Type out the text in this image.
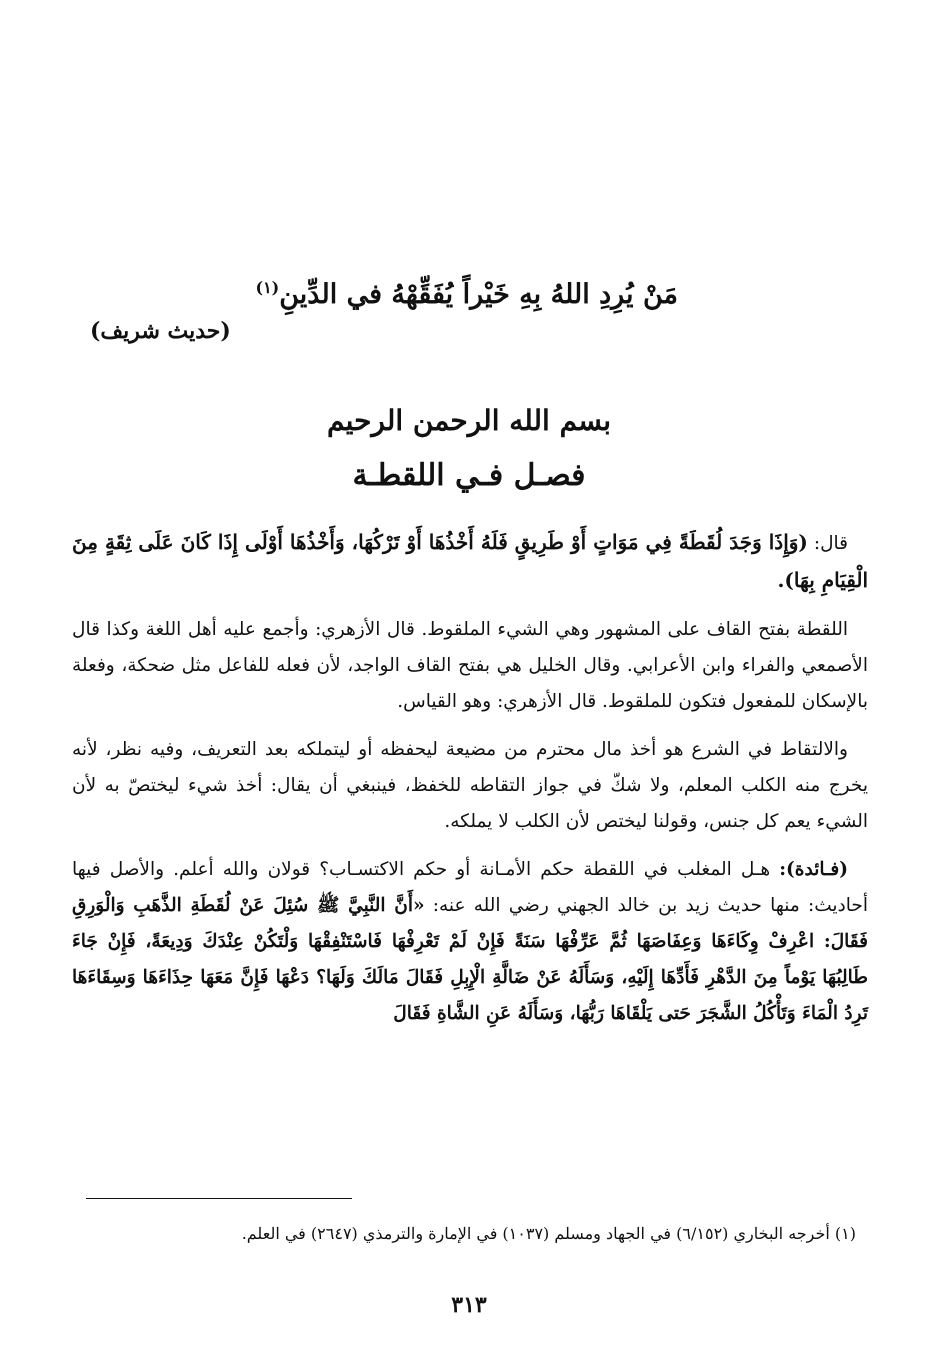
مَنْ يُرِدِ اللهُ بِهِ خَيْراً يُفَقِّهْهُ في الدِّينِ$^{(١)}$
(حديث شريف)
بسم الله الرحمن الرحيم
فصـل فـي اللقطـة

قال: (وَإِذَا وَجَدَ لُقَطَةً فِي مَوَاتٍ أَوْ طَرِيقٍ فَلَهُ أَخْذُهَا أَوْ تَرْكُهَا، وَأَخْذُهَا أَوْلَى إِذَا كَانَ عَلَى ثِقَةٍ مِنَ الْقِيَامِ بِهَا).

اللقطة بفتح القاف على المشهور وهي الشيء الملقوط. قال الأزهري: وأجمع عليه أهل اللغة وكذا قال الأصمعي والفراء وابن الأعرابي. وقال الخليل هي بفتح القاف الواجد، لأن فعله للفاعل مثل ضحكة، وفعلة بالإسكان للمفعول فتكون للملقوط. قال الأزهري: وهو القياس.

والالتقاط في الشرع هو أخذ مال محترم من مضيعة ليحفظه أو ليتملكه بعد التعريف، وفيه نظر، لأنه يخرج منه الكلب المعلم، ولا شكّ في جواز التقاطه للخفظ، فينبغي أن يقال: أخذ شيء ليختصّ به لأن الشيء يعم كل جنس، وقولنا ليختص لأن الكلب لا يملكه.

(فـائدة): هـل المغلب في اللقطة حكم الأمـانة أو حكم الاكتسـاب؟ قولان والله أعلم. والأصل فيها أحاديث: منها حديث زيد بن خالد الجهني رضي الله عنه: «أَنَّ النَّبِيَّ ﷺ سُئِلَ عَنْ لُقَطَةِ الذَّهَبِ وَالْوَرِقِ فَقَالَ: اعْرِفْ وِكَاءَهَا وَعِفَاصَهَا ثُمَّ عَرِّفْهَا سَنَةً فَإِنْ لَمْ تَعْرِفْهَا فَاسْتَنْفِقْهَا وَلْتَكُنْ عِنْدَكَ وَدِيعَةً، فَإِنْ جَاءَ طَالِبُهَا يَوْماً مِنَ الدَّهْرِ فَأَدِّهَا إِلَيْهِ، وَسَأَلَهُ عَنْ ضَالَّةِ الْإِبِلِ فَقَالَ مَالَكَ وَلَهَا؟ دَعْهَا فَإِنَّ مَعَهَا حِذَاءَهَا وَسِقَاءَهَا تَرِدُ الْمَاءَ وَتَأْكُلُ الشَّجَرَ حَتى يَلْقَاهَا رَبُّهَا، وَسَأَلَهُ عَنِ الشَّاةِ فَقَالَ

(١) أخرجه البخاري (٦/١٥٢) في الجهاد ومسلم (١٠٣٧) في الإمارة والترمذي (٢٦٤٧) في العلم.
٣١٣
